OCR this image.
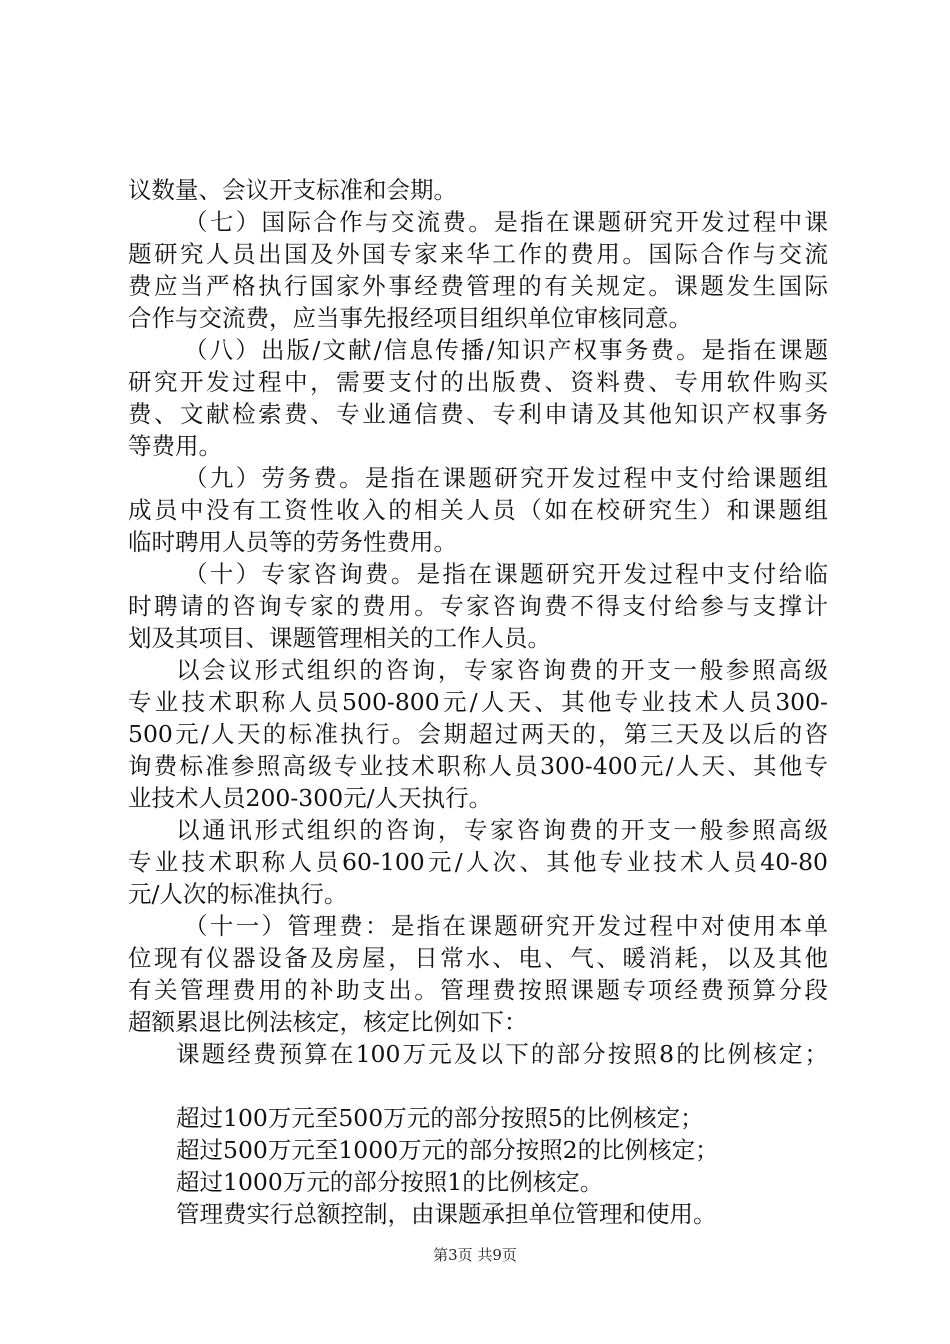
议数量、会议开支标准和会期。
（七）国际合作与交流费。是指在课题研究开发过程中课
题研究人员出国及外国专家来华工作的费用。国际合作与交流
费应当严格执行国家外事经费管理的有关规定。课题发生国际
合作与交流费，应当事先报经项目组织单位审核同意。
（八）出版/文献/信息传播/知识产权事务费。是指在课题
研究开发过程中，需要支付的出版费、资料费、专用软件购买
费、文献检索费、专业通信费、专利申请及其他知识产权事务
等费用。
（九）劳务费。是指在课题研究开发过程中支付给课题组
成员中没有工资性收入的相关人员（如在校研究生）和课题组
临时聘用人员等的劳务性费用。
（十）专家咨询费。是指在课题研究开发过程中支付给临
时聘请的咨询专家的费用。专家咨询费不得支付给参与支撑计
划及其项目、课题管理相关的工作人员。
以会议形式组织的咨询，专家咨询费的开支一般参照高级
专业技术职称人员500-800元/人天、其他专业技术人员300-
500元/人天的标准执行。会期超过两天的，第三天及以后的咨
询费标准参照高级专业技术职称人员300-400元/人天、其他专
业技术人员200-300元/人天执行。
以通讯形式组织的咨询，专家咨询费的开支一般参照高级
专业技术职称人员60-100元/人次、其他专业技术人员40-80
元/人次的标准执行。
（十一）管理费：是指在课题研究开发过程中对使用本单
位现有仪器设备及房屋，日常水、电、气、暖消耗，以及其他
有关管理费用的补助支出。管理费按照课题专项经费预算分段
超额累退比例法核定，核定比例如下：
课题经费预算在100万元及以下的部分按照8的比例核定；
超过100万元至500万元的部分按照5的比例核定；
超过500万元至1000万元的部分按照2的比例核定；
超过1000万元的部分按照1的比例核定。
管理费实行总额控制，由课题承担单位管理和使用。
第3页 共9页
